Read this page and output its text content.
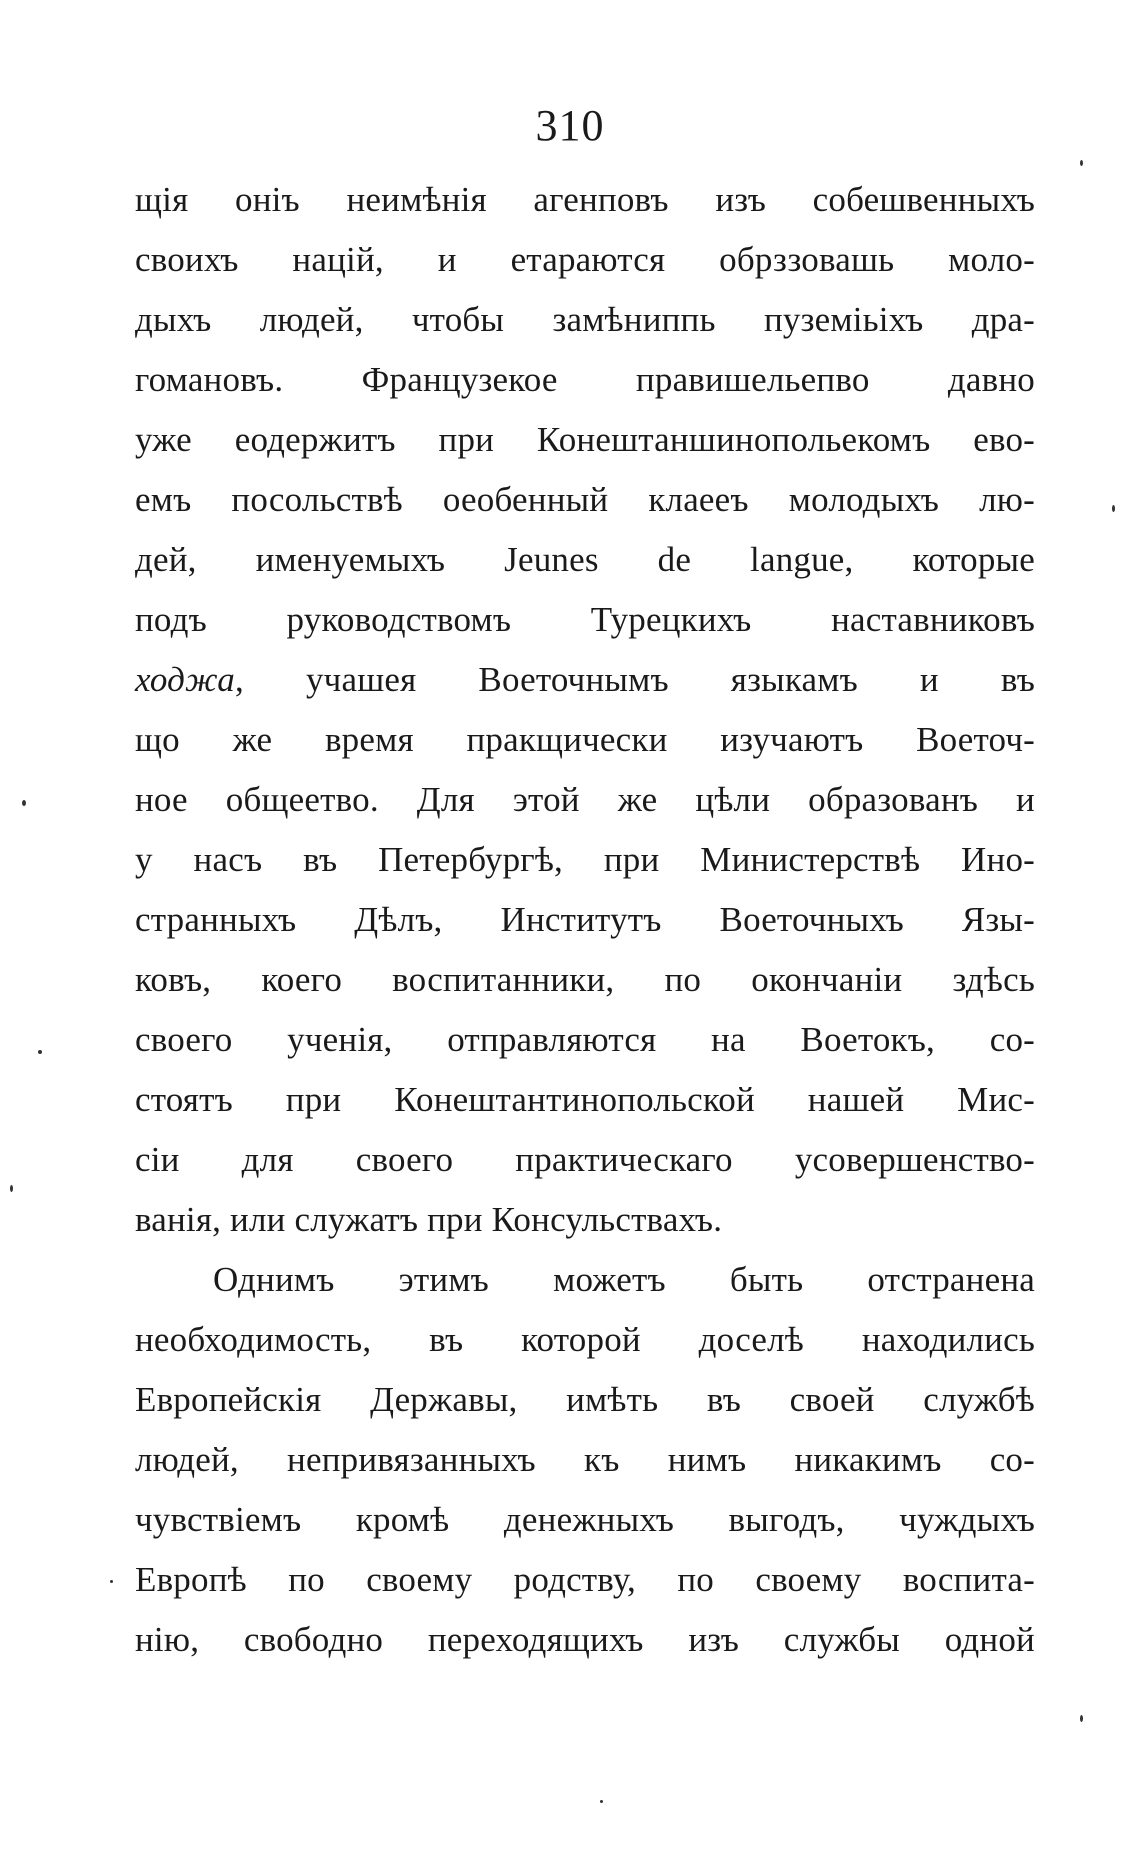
310
щія оніъ неимѣнія агенповъ изъ собешвенныхъ
своихъ націй, и етараются обрззовашь моло-
дыхъ людей, чтобы замѣниппь пуземіьіхъ дра-
гомановъ. Французекое правишельепво давно
уже еодержитъ при Конештаншинопольекомъ ево-
емъ посольствѣ оеобенный клаеeъ молодыхъ лю-
дей, именуемыхъ Jeunes de langue, которые
подъ руководствомъ Турецкихъ наставниковъ
ходжа, учашея Воеточнымъ языкамъ и въ
що же время пракщичеcки изучаютъ Воеточ-
ное общеетво. Для этой же цѣли образованъ и
у насъ въ Петербургѣ, при Министерствѣ Ино-
странныхъ Дѣлъ, Институтъ Воеточныхъ Язы-
ковъ, коего воспитанники, по окончаніи здѣсь
своего ученія, отправляются на Воетокъ, со-
стоятъ при Конештантинопольской нашей Мис-
сіи для своего практическаго усовершенство-
ванія, или служатъ при Консульствахъ.
Однимъ этимъ можетъ быть отстранена
необходимость, въ которой доселѣ находились
Европейскія Державы, имѣть въ своей службѣ
людей, непривязанныхъ къ нимъ никакимъ со-
чувствіемъ кромѣ денежныхъ выгодъ, чуждыхъ
Европѣ по своему родству, по своему воспита-
нію, свободно переходящихъ изъ службы одной
